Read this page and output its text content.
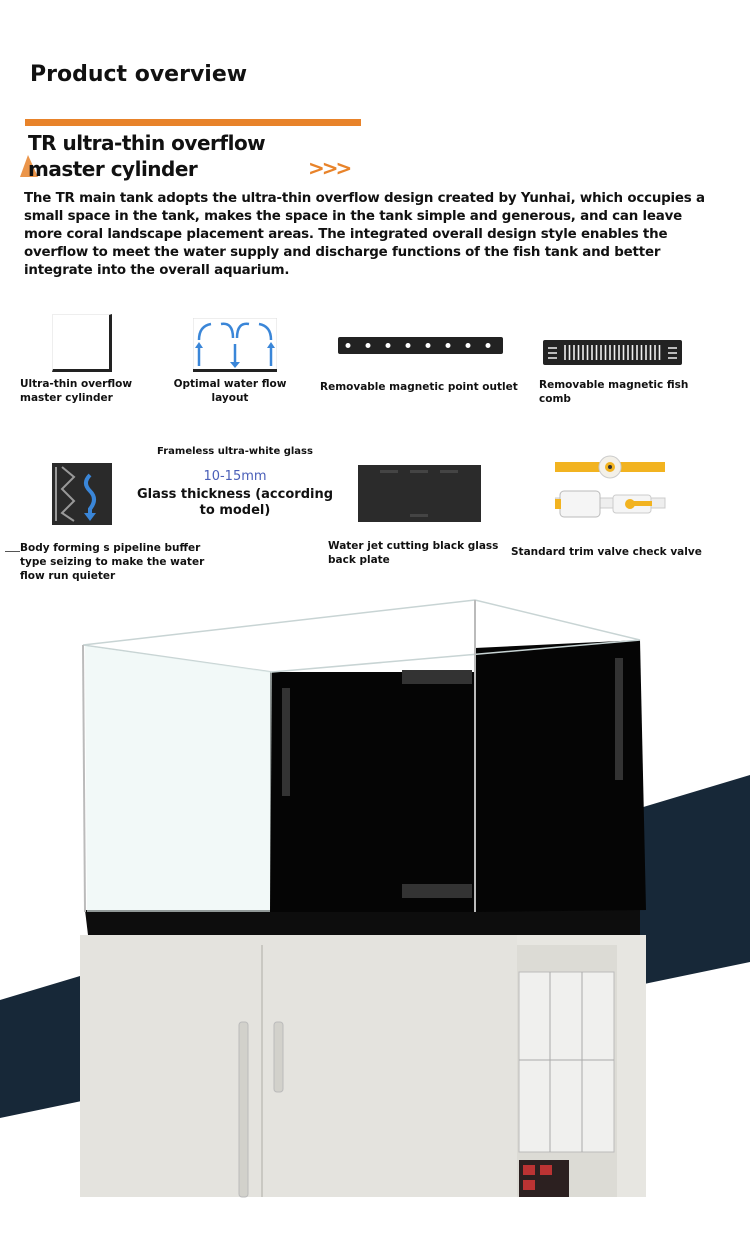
Product overview
TR ultra-thin overflow
master cylinder	>>>
The TR main tank adopts the ultra-thin overflow design created by Yunhai, which occupies a small space in the tank, makes the space in the tank simple and generous, and can leave more coral landscape placement areas. The integrated overall design style enables the overflow to meet the water supply and discharge functions of the fish tank and better integrate into the overall aquarium.
Ultra-thin overflow master cylinder
Optimal water flow layout
Removable magnetic point outlet	Removable magnetic fish comb
Body forming s pipeline buffer type seizing to make the water flow run quieter
Frameless ultra-white glass
10-15mm
Glass thickness (according to model)
Water jet cutting black glass back plate
Standard trim valve check valve
